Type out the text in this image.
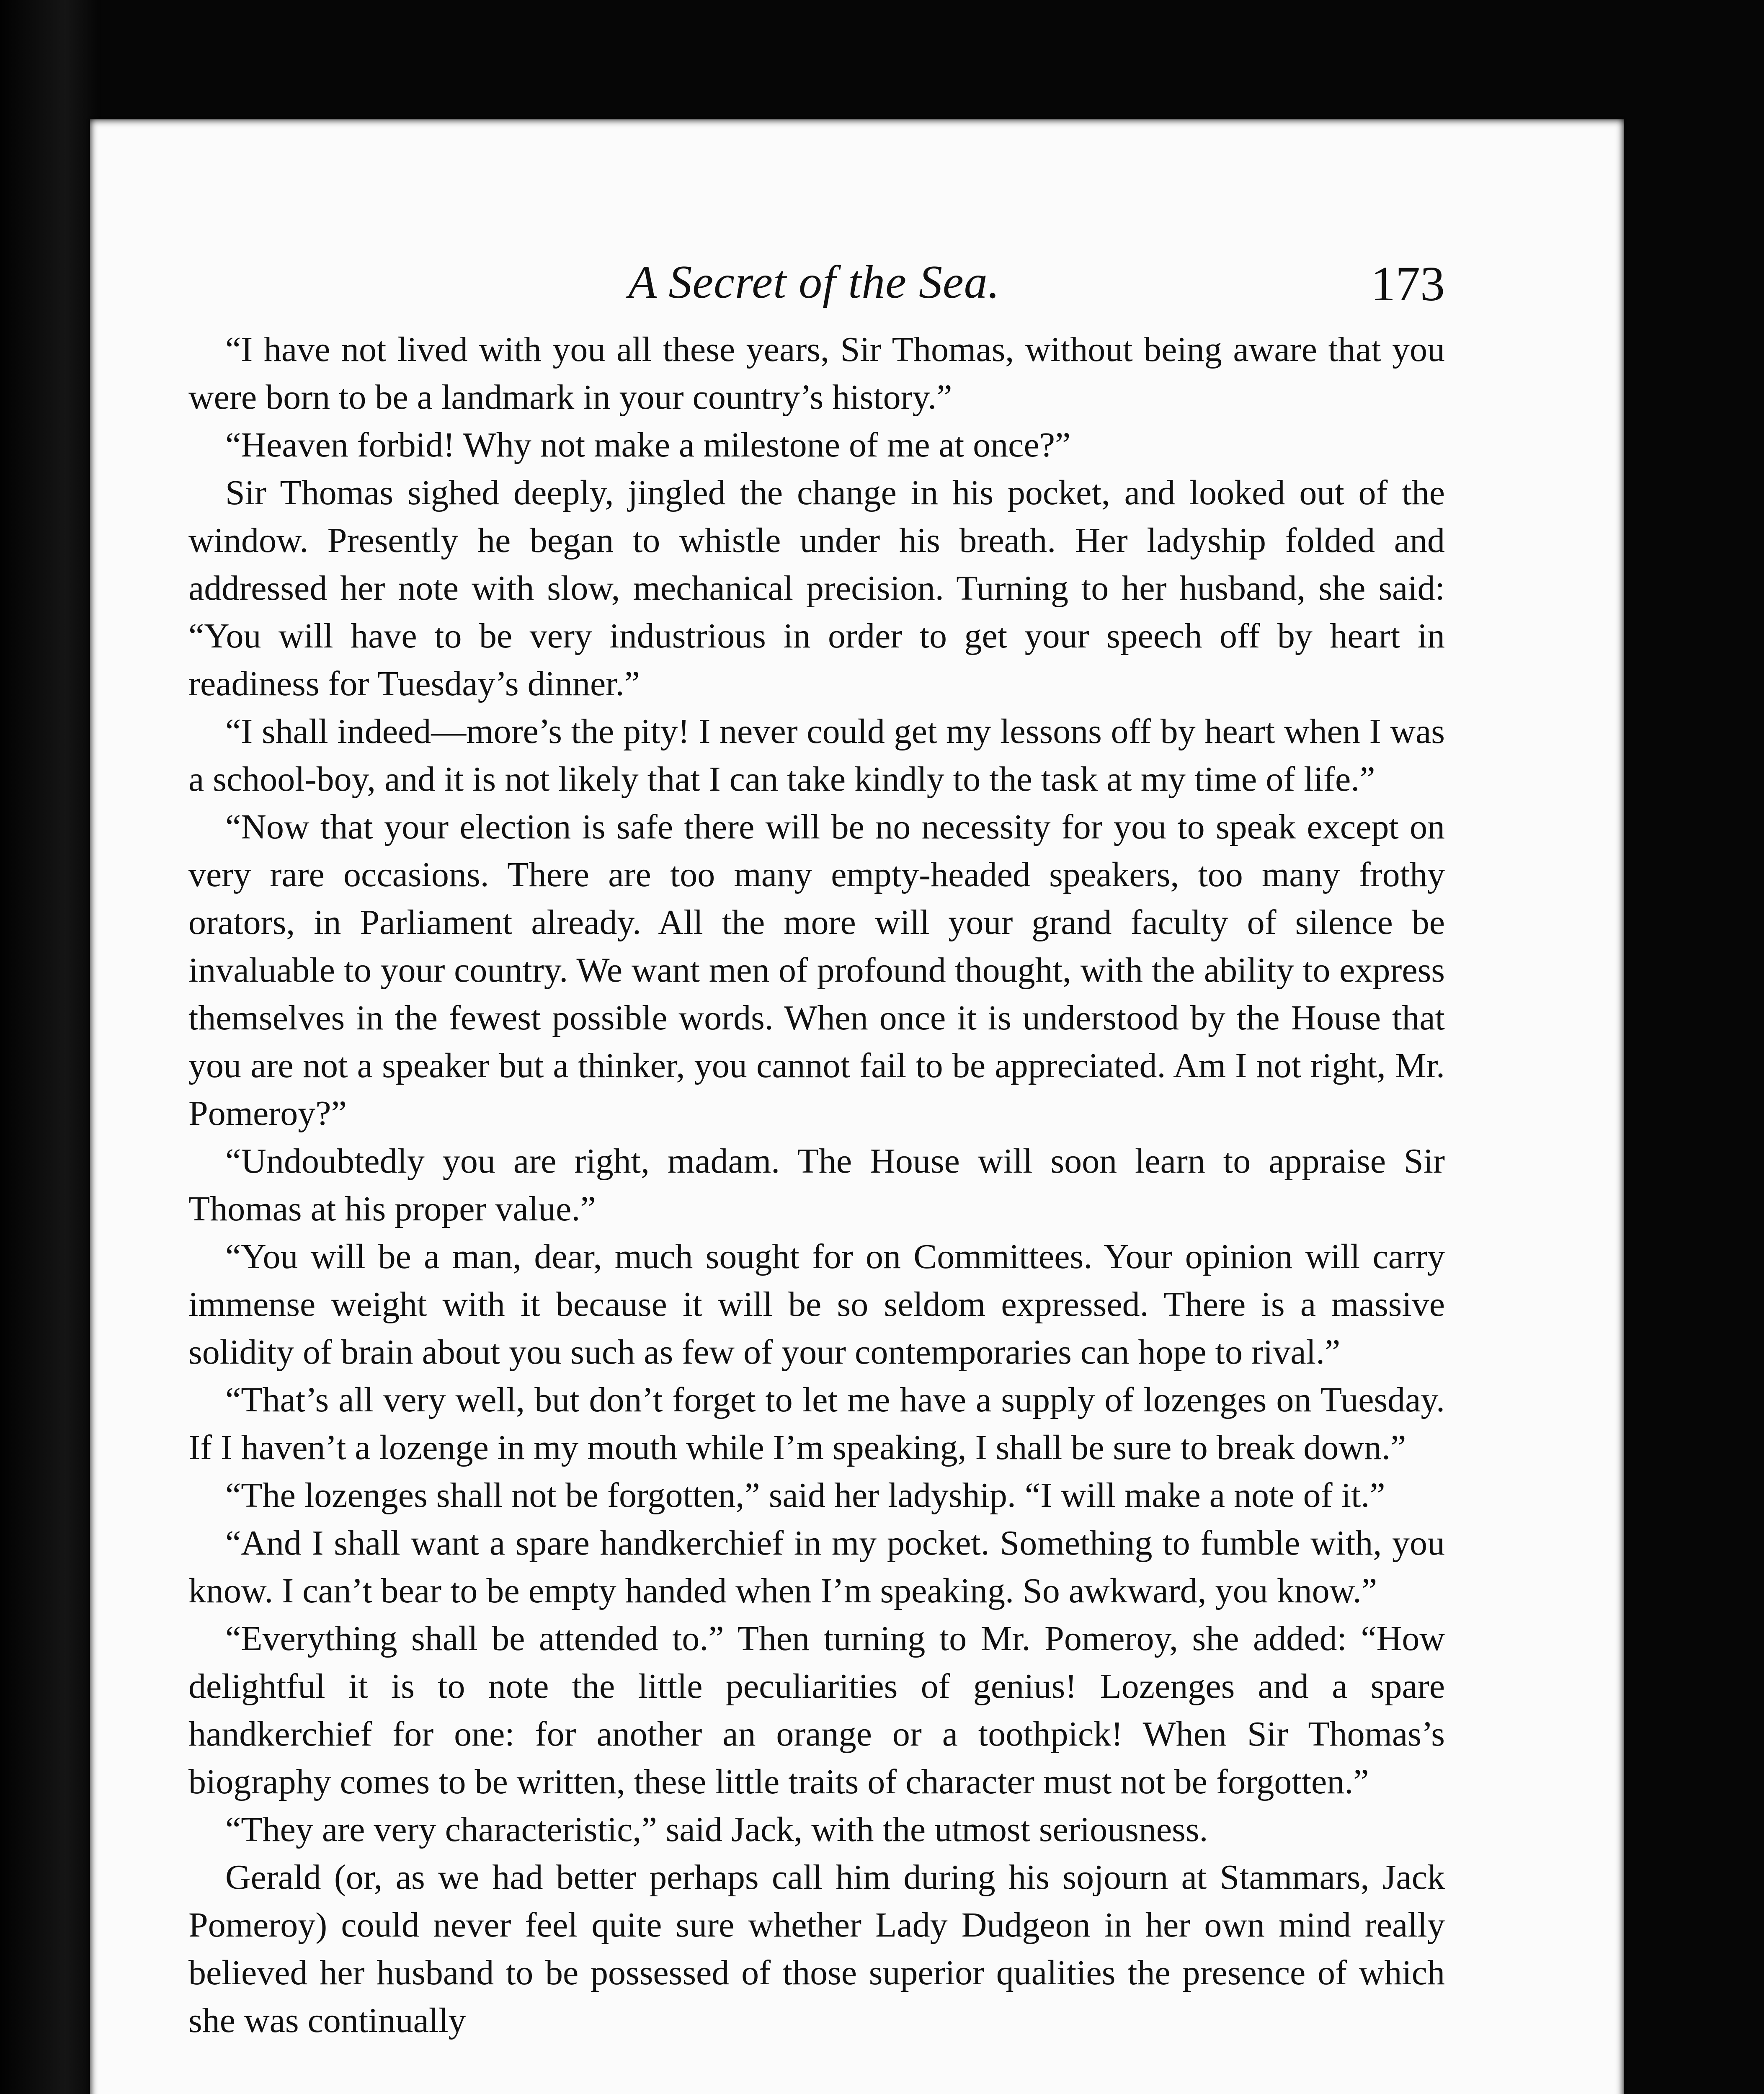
A Secret of the Sea.	173

“I have not lived with you all these years, Sir Thomas, without being aware that you were born to be a landmark in your country’s history.”

“Heaven forbid! Why not make a milestone of me at once?”

Sir Thomas sighed deeply, jingled the change in his pocket, and looked out of the window. Presently he began to whistle under his breath. Her ladyship folded and addressed her note with slow, mechanical precision. Turning to her husband, she said: “You will have to be very industrious in order to get your speech off by heart in readiness for Tuesday’s dinner.”

“I shall indeed—more’s the pity! I never could get my lessons off by heart when I was a school-boy, and it is not likely that I can take kindly to the task at my time of life.”

“Now that your election is safe there will be no necessity for you to speak except on very rare occasions. There are too many empty-headed speakers, too many frothy orators, in Parliament already. All the more will your grand faculty of silence be invaluable to your country. We want men of profound thought, with the ability to express themselves in the fewest possible words. When once it is understood by the House that you are not a speaker but a thinker, you cannot fail to be appreciated. Am I not right, Mr. Pomeroy?”

“Undoubtedly you are right, madam. The House will soon learn to appraise Sir Thomas at his proper value.”

“You will be a man, dear, much sought for on Committees. Your opinion will carry immense weight with it because it will be so seldom expressed. There is a massive solidity of brain about you such as few of your contemporaries can hope to rival.”

“That’s all very well, but don’t forget to let me have a supply of lozenges on Tuesday. If I haven’t a lozenge in my mouth while I’m speaking, I shall be sure to break down.”

“The lozenges shall not be forgotten,” said her ladyship. “I will make a note of it.”

“And I shall want a spare handkerchief in my pocket. Something to fumble with, you know. I can’t bear to be empty handed when I’m speaking. So awkward, you know.”

“Everything shall be attended to.” Then turning to Mr. Pomeroy, she added: “How delightful it is to note the little peculiarities of genius! Lozenges and a spare handkerchief for one: for another an orange or a toothpick! When Sir Thomas’s biography comes to be written, these little traits of character must not be forgotten.”

“They are very characteristic,” said Jack, with the utmost seriousness.

Gerald (or, as we had better perhaps call him during his sojourn at Stammars, Jack Pomeroy) could never feel quite sure whether Lady Dudgeon in her own mind really believed her husband to be possessed of those superior qualities the presence of which she was continually
